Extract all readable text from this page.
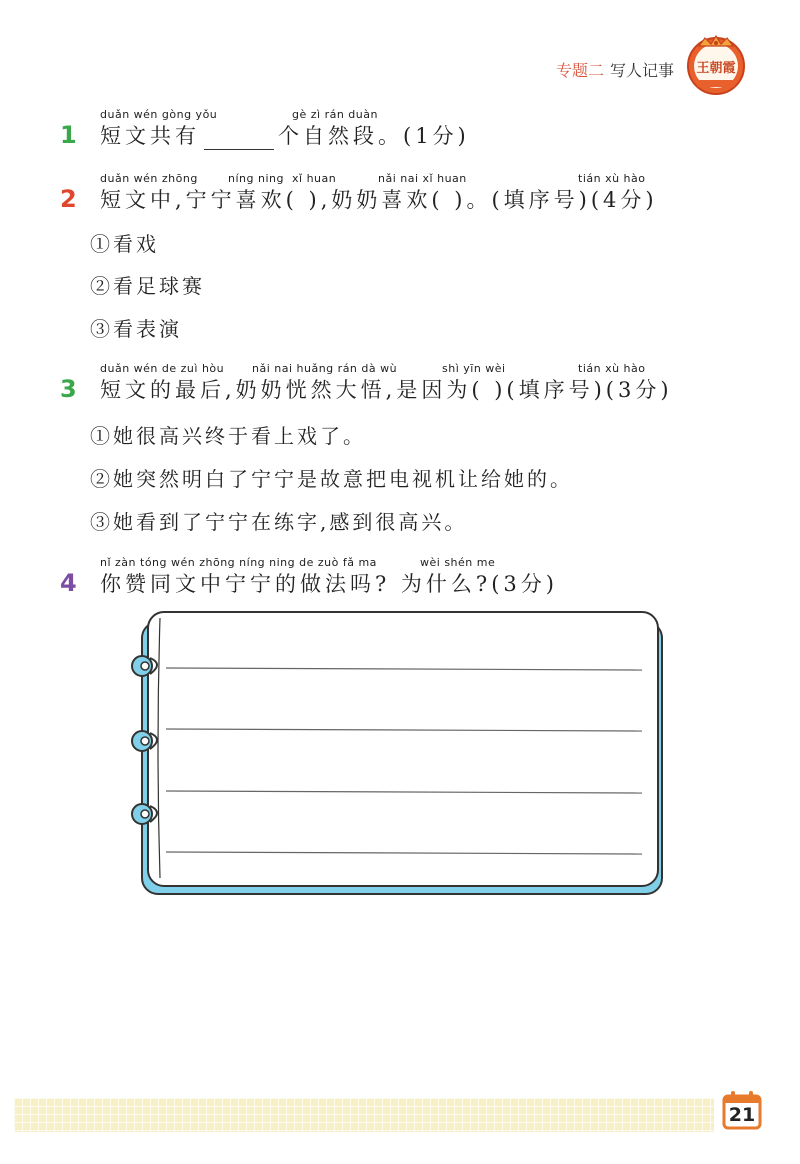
专题二 写人记事 王朝霞
1
duǎn wén gòng yǒu	gè zì rán duàn
短文共有	个自然段。(1分)
2
duǎn wén zhōng	níng ning xǐ huan	nǎi nai xǐ huan	tián xù hào
短文中,宁宁喜欢( ),奶奶喜欢( )。(填序号)(4分)
①看戏
②看足球赛
③看表演
3
duǎn wén de zuì hòu	nǎi nai huǎng rán dà wù	shì yīn wèi	tián xù hào
短文的最后,奶奶恍然大悟,是因为( )(填序号)(3分)
①她很高兴终于看上戏了。
②她突然明白了宁宁是故意把电视机让给她的。
③她看到了宁宁在练字,感到很高兴。
4
nǐ zàn tóng wén zhōng níng ning de zuò fǎ ma	wèi shén me
你赞同文中宁宁的做法吗? 为什么?(3分)
21
